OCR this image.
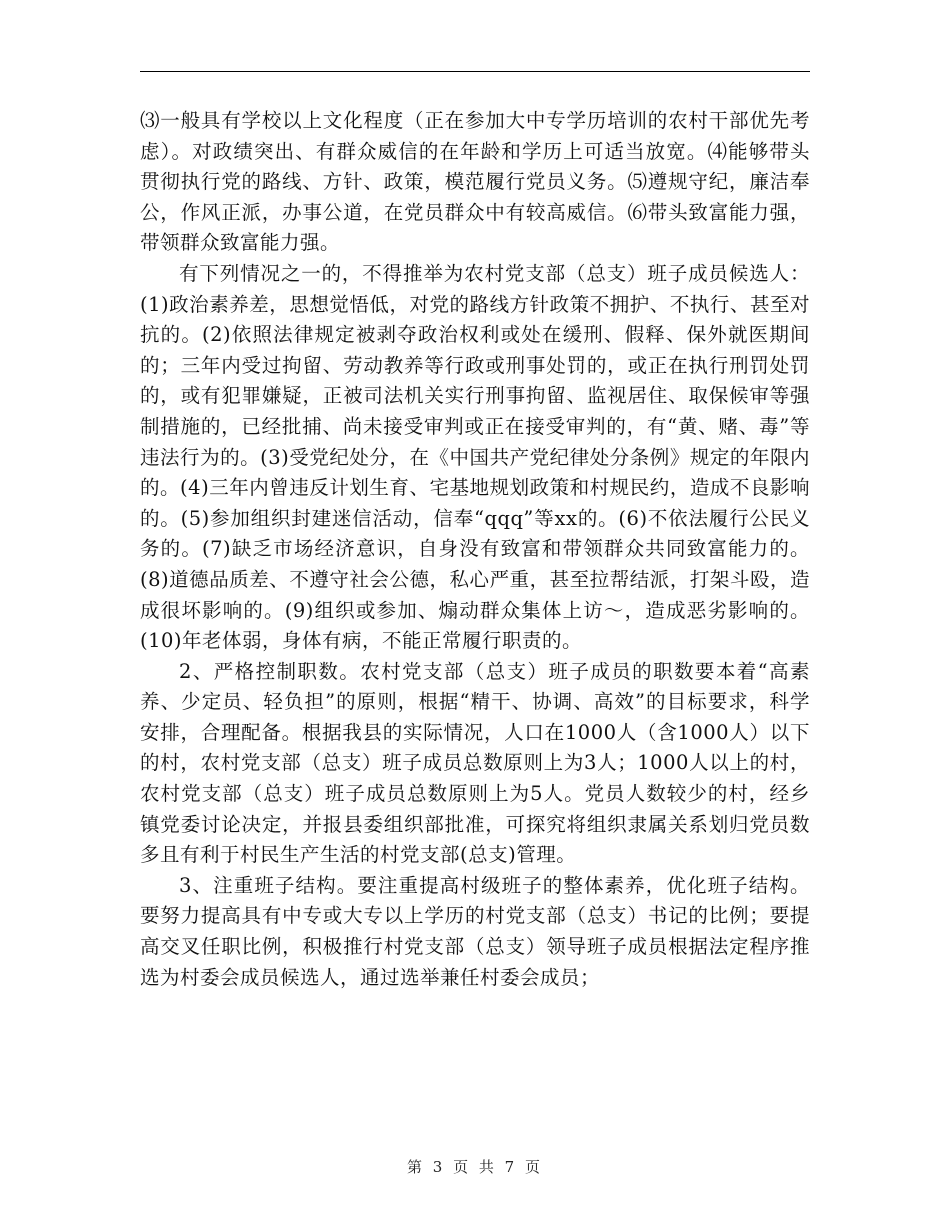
⑶一般具有学校以上文化程度（正在参加大中专学历培训的农村干部优先考虑）。对政绩突出、有群众威信的在年龄和学历上可适当放宽。⑷能够带头贯彻执行党的路线、方针、政策，模范履行党员义务。⑸遵规守纪，廉洁奉公，作风正派，办事公道，在党员群众中有较高威信。⑹带头致富能力强，带领群众致富能力强。

有下列情况之一的，不得推举为农村党支部（总支）班子成员候选人：(1)政治素养差，思想觉悟低，对党的路线方针政策不拥护、不执行、甚至对抗的。(2)依照法律规定被剥夺政治权利或处在缓刑、假释、保外就医期间的；三年内受过拘留、劳动教养等行政或刑事处罚的，或正在执行刑罚处罚的，或有犯罪嫌疑，正被司法机关实行刑事拘留、监视居住、取保候审等强制措施的，已经批捕、尚未接受审判或正在接受审判的，有“黄、赌、毒”等违法行为的。(3)受党纪处分，在《中国共产党纪律处分条例》规定的年限内的。(4)三年内曾违反计划生育、宅基地规划政策和村规民约，造成不良影响的。(5)参加组织封建迷信活动，信奉“qqq”等xx的。(6)不依法履行公民义务的。(7)缺乏市场经济意识，自身没有致富和带领群众共同致富能力的。(8)道德品质差、不遵守社会公德，私心严重，甚至拉帮结派，打架斗殴，造成很坏影响的。(9)组织或参加、煽动群众集体上访～，造成恶劣影响的。(10)年老体弱，身体有病，不能正常履行职责的。

2、严格控制职数。农村党支部（总支）班子成员的职数要本着“高素养、少定员、轻负担”的原则，根据“精干、协调、高效”的目标要求，科学安排，合理配备。根据我县的实际情况，人口在1000人（含1000人）以下的村，农村党支部（总支）班子成员总数原则上为3人；1000人以上的村，农村党支部（总支）班子成员总数原则上为5人。党员人数较少的村，经乡镇党委讨论决定，并报县委组织部批准，可探究将组织隶属关系划归党员数多且有利于村民生产生活的村党支部(总支)管理。

3、注重班子结构。要注重提高村级班子的整体素养，优化班子结构。要努力提高具有中专或大专以上学历的村党支部（总支）书记的比例；要提高交叉任职比例，积极推行村党支部（总支）领导班子成员根据法定程序推选为村委会成员候选人，通过选举兼任村委会成员；

第 3 页 共 7 页
